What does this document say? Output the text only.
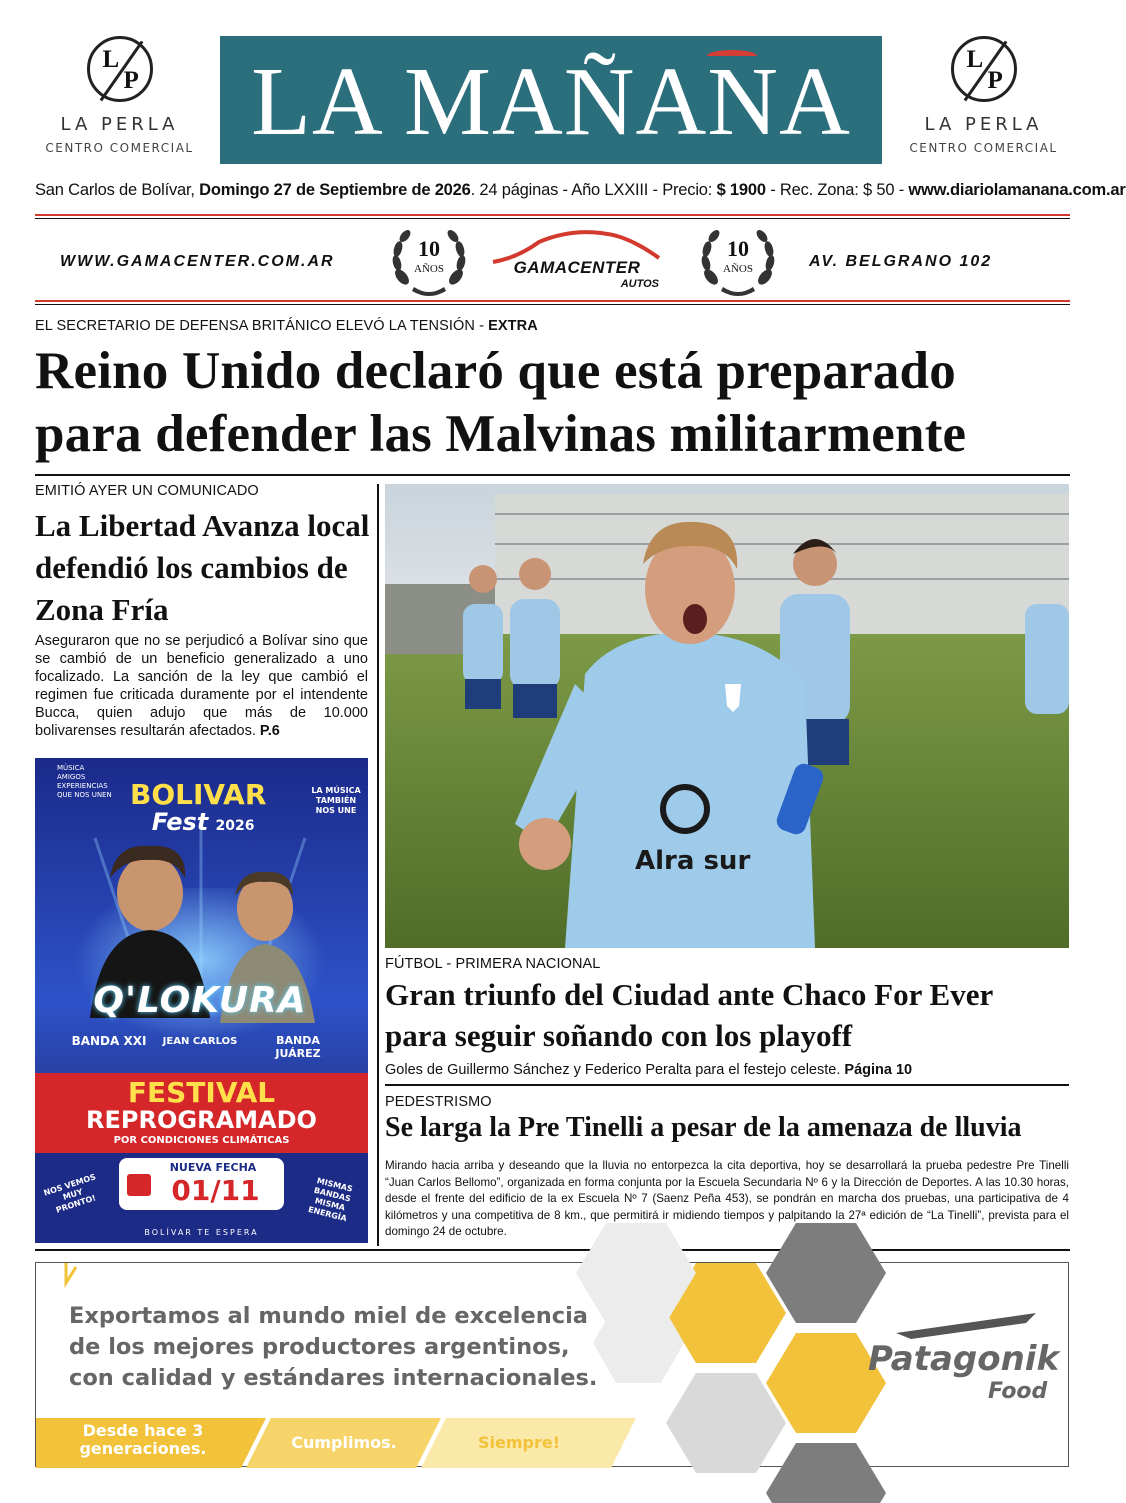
L
P
LA PERLA
CENTRO COMERCIAL LA MAÑANA	L
P
LA PERLA
CENTRO COMERCIAL
San Carlos de Bolívar, Domingo 27 de Septiembre de 2026. 24 páginas - Año LXXIII - Precio: $ 1900 - Rec. Zona: $ 50 - www.diariolamanana.com.ar
WWW.GAMACENTER.COM.AR
10
AÑOS	GAMACENTER
AUTOS
10
AÑOS	AV. BELGRANO 102
EL SECRETARIO DE DEFENSA BRITÁNICO ELEVÓ LA TENSIÓN - EXTRA
Reino Unido declaró que está preparado
para defender las Malvinas militarmente
EMITIÓ AYER UN COMUNICADO
La Libertad Avanza local defendió los cambios de Zona Fría
Aseguraron que no se perjudicó a Bolívar sino que se cambió de un beneficio generalizado a uno focalizado. La sanción de la ley que cambió el regimen fue criticada duramente por el intendente Bucca, quien adujo que más de 10.000 bolivarenses resultarán afectados. P.6
MÚSICA AMIGOS EXPERIENCIAS QUE NOS UNEN BOLIVAR
Fest 2026
LA MÚSICA TAMBIÉN NOS UNE
Q'LOKURA
BANDA XXI JEAN CARLOS	BANDA JUÁREZ
FESTIVAL
REPROGRAMADO
POR CONDICIONES CLIMÁTICAS
NUEVA FECHA
01/11
NOS VEMOS MUY PRONTO!
MISMAS BANDAS MISMA ENERGÍA
BOLÍVAR TE ESPERA
Alra sur
FÚTBOL - PRIMERA NACIONAL
Gran triunfo del Ciudad ante Chaco For Ever
para seguir soñando con los playoff
Goles de Guillermo Sánchez y Federico Peralta para el festejo celeste. Página 10
PEDESTRISMO
Se larga la Pre Tinelli a pesar de la amenaza de lluvia
Mirando hacia arriba y deseando que la lluvia no entorpezca la cita deportiva, hoy se desarrollará la prueba pedestre Pre Tinelli “Juan Carlos Bellomo”, organizada en forma conjunta por la Escuela Secundaria Nº 6 y la Dirección de Deportes. A las 10.30 horas, desde el frente del edificio de la ex Escuela Nº 7 (Saenz Peña 453), se pondrán en marcha dos pruebas, una participativa de 4 kilómetros y una competitiva de 8 km., que permitirá ir midiendo tiempos y palpitando la 27ª edición de “La Tinelli”, prevista para el domingo 24 de octubre.
Exportamos al mundo miel de excelencia
de los mejores productores argentinos,
con calidad y estándares internacionales.
Desde hace 3 generaciones.	Cumplimos.	Siempre!
Patagonik
Food
